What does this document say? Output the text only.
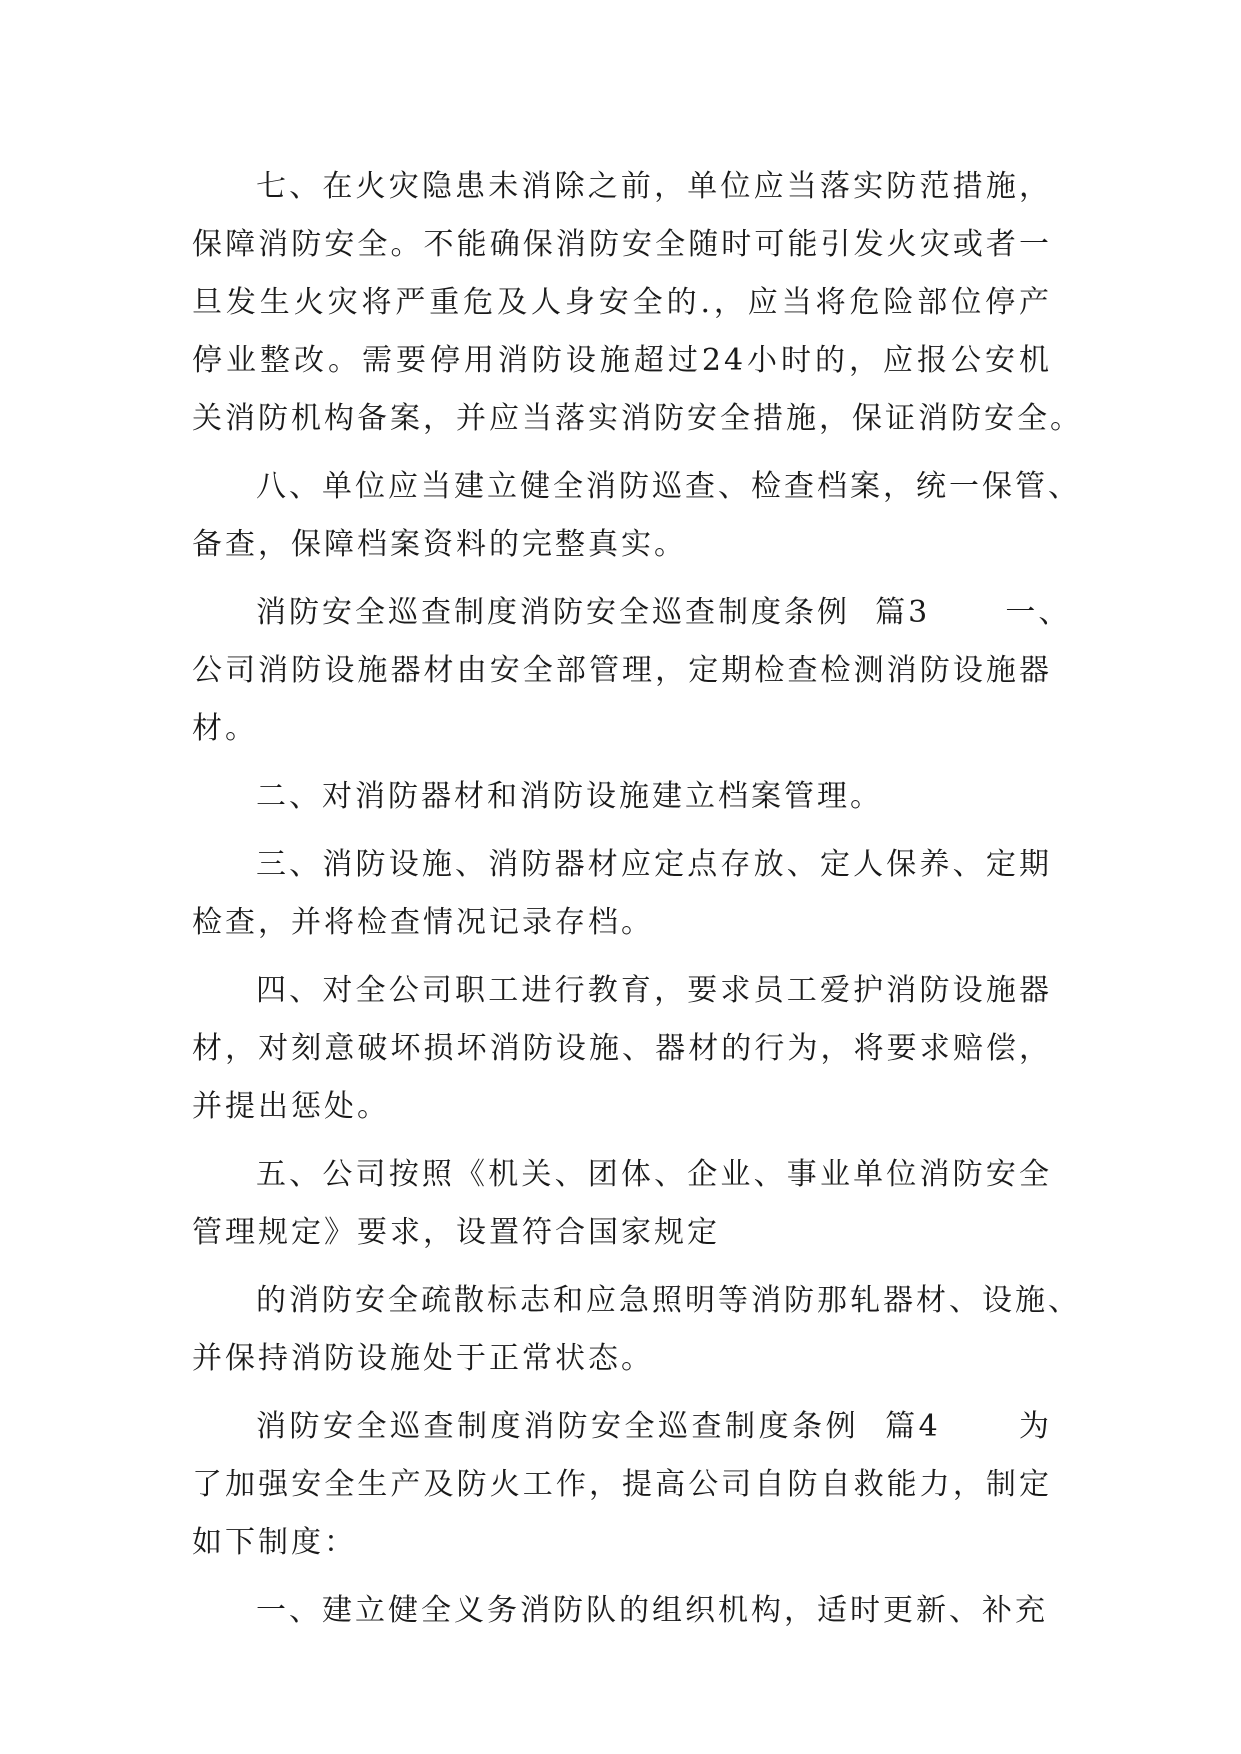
七、在火灾隐患未消除之前，单位应当落实防范措施，
保障消防安全。不能确保消防安全随时可能引发火灾或者一
旦发生火灾将严重危及人身安全的.，应当将危险部位停产
停业整改。需要停用消防设施超过24小时的，应报公安机
关消防机构备案，并应当落实消防安全措施，保证消防安全。
八、单位应当建立健全消防巡查、检查档案，统一保管、
备查，保障档案资料的完整真实。
消防安全巡查制度消防安全巡查制度条例  篇3      一、
公司消防设施器材由安全部管理，定期检查检测消防设施器
材。
二、对消防器材和消防设施建立档案管理。
三、消防设施、消防器材应定点存放、定人保养、定期
检查，并将检查情况记录存档。
四、对全公司职工进行教育，要求员工爱护消防设施器
材，对刻意破坏损坏消防设施、器材的行为，将要求赔偿，
并提出惩处。
五、公司按照《机关、团体、企业、事业单位消防安全
管理规定》要求，设置符合国家规定
的消防安全疏散标志和应急照明等消防那轧器材、设施、
并保持消防设施处于正常状态。
消防安全巡查制度消防安全巡查制度条例  篇4      为
了加强安全生产及防火工作，提高公司自防自救能力，制定
如下制度：
一、建立健全义务消防队的组织机构，适时更新、补充
